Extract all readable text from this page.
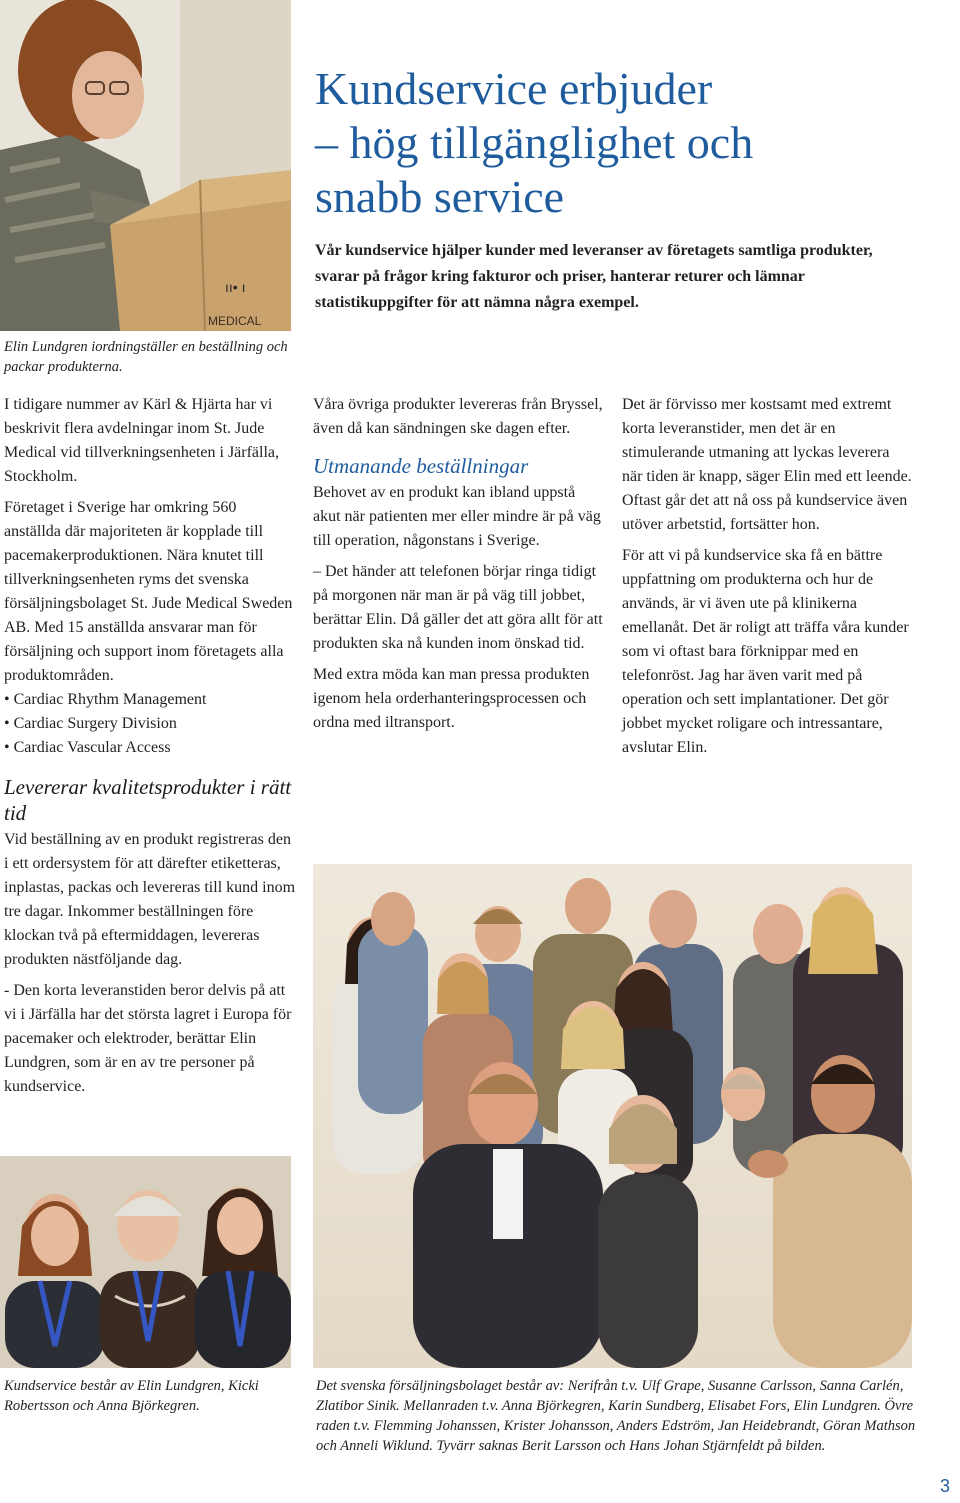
MEDICAL
ıı• ı
Elin Lundgren iordningställer en beställning och packar produkterna.
Kundservice erbjuder
– hög tillgänglighet och
snabb service

Vår kundservice hjälper kunder med leveranser av företagets samtliga produkter, svarar på frågor kring fakturor och priser, hanterar returer och lämnar statistikuppgifter för att nämna några exempel.

I tidigare nummer av Kärl & Hjärta har vi beskrivit flera avdelningar inom St. Jude Medical vid tillverkningsenheten i Järfälla, Stockholm.

Företaget i Sverige har omkring 560 anställda där majoriteten är kopplade till pacemakerproduktionen. Nära knutet till tillverkningsenheten ryms det svenska försäljningsbolaget St. Jude Medical Sweden AB. Med 15 anställda ansvarar man för försäljning och support inom företagets alla produktområden.

• Cardiac Rhythm Management
• Cardiac Surgery Division
• Cardiac Vascular Access
Levererar kvalitetsprodukter i rätt tid

Vid beställning av en produkt registreras den i ett ordersystem för att därefter etiketteras, inplastas, packas och levereras till kund inom tre dagar. Inkommer beställningen före klockan två på eftermiddagen, levereras produkten nästföljande dag.

- Den korta leveranstiden beror delvis på att vi i Järfälla har det största lagret i Europa för pacemaker och elektroder, berättar Elin Lundgren, som är en av tre personer på kundservice.

Våra övriga produkter levereras från Bryssel, även då kan sändningen ske dagen efter.

Utmanande beställningar

Behovet av en produkt kan ibland uppstå akut när patienten mer eller mindre är på väg till operation, någonstans i Sverige.

– Det händer att telefonen börjar ringa tidigt på morgonen när man är på väg till jobbet, berättar Elin. Då gäller det att göra allt för att produkten ska nå kunden inom önskad tid.

Med extra möda kan man pressa produkten igenom hela orderhanteringsprocessen och ordna med iltransport.

Det är förvisso mer kostsamt med extremt korta leveranstider, men det är en stimulerande utmaning att lyckas leverera när tiden är knapp, säger Elin med ett leende. Oftast går det att nå oss på kundservice även utöver arbetstid, fortsätter hon.

För att vi på kundservice ska få en bättre uppfattning om produkterna och hur de används, är vi även ute på klinikerna emellanåt. Det är roligt att träffa våra kunder som vi oftast bara förknippar med en telefonröst. Jag har även varit med på operation och sett implantationer. Det gör jobbet mycket roligare och intressantare, avslutar Elin.

Kundservice består av Elin Lundgren, Kicki Robertsson och Anna Björkegren.
Det svenska försäljningsbolaget består av: Nerifrån t.v. Ulf Grape, Susanne Carlsson, Sanna Carlén, Zlatibor Sinik. Mellanraden t.v. Anna Björkegren, Karin Sundberg, Elisabet Fors, Elin Lundgren. Övre raden t.v. Flemming Johanssen, Krister Johansson, Anders Edström, Jan Heidebrandt, Göran Mathson och Anneli Wiklund. Tyvärr saknas Berit Larsson och Hans Johan Stjärnfeldt på bilden.
3
